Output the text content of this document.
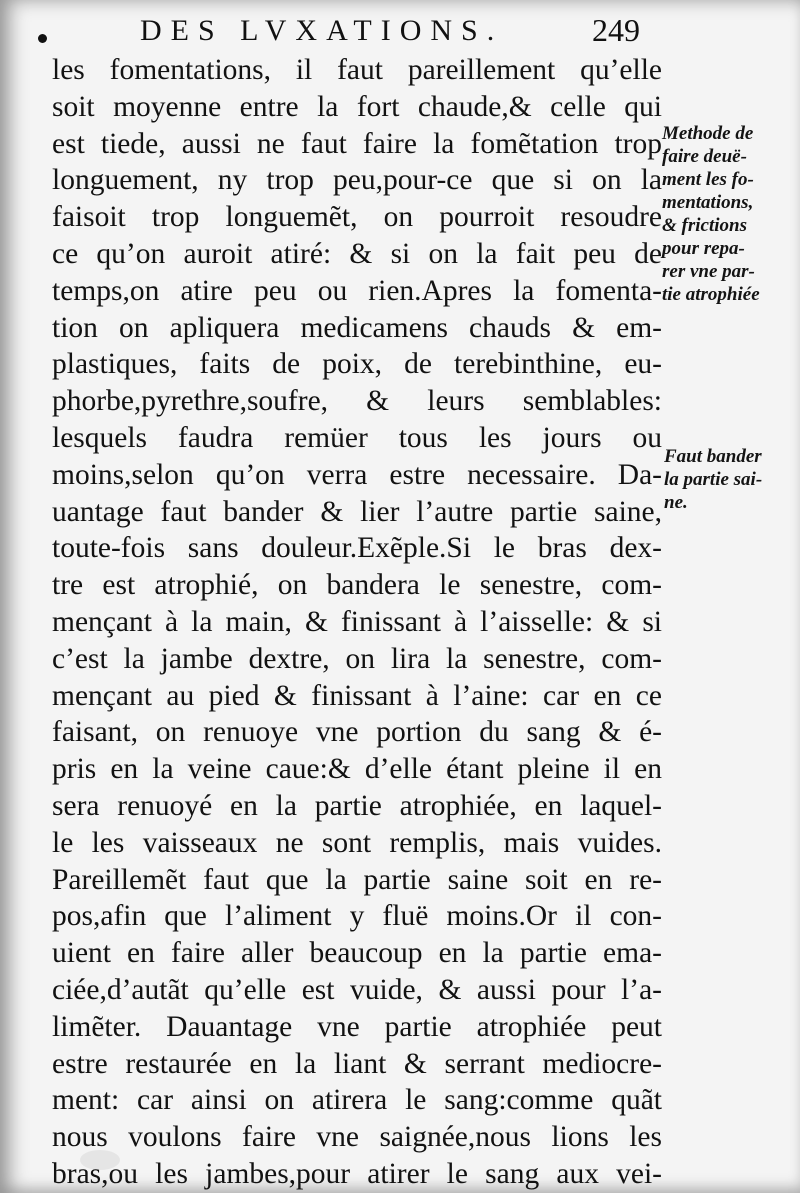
DES LVXATIONS.	249
les fomentations, il faut pareillement qu’elle
soit moyenne entre la fort chaude,& celle qui
est tiede, aussi ne faut faire la fomẽtation trop
longuement, ny trop peu,pour-ce que si on la
faisoit trop longuemẽt, on pourroit resoudre
ce qu’on auroit atiré: & si on la fait peu de
temps,on atire peu ou rien.Apres la fomenta-
tion on apliquera medicamens chauds & em-
plastiques, faits de poix, de terebinthine, eu-
phorbe,pyrethre,soufre, & leurs semblables:
lesquels faudra remüer tous les jours ou
moins,selon qu’on verra estre necessaire. Da-
uantage faut bander & lier l’autre partie saine,
toute-fois sans douleur.Exẽple.Si le bras dex-
tre est atrophié, on bandera le senestre, com-
mençant à la main, & finissant à l’aisselle: & si
c’est la jambe dextre, on lira la senestre, com-
mençant au pied & finissant à l’aine: car en ce
faisant, on renuoye vne portion du sang & é-
pris en la veine caue:& d’elle étant pleine il en
sera renuoyé en la partie atrophiée, en laquel-
le les vaisseaux ne sont remplis, mais vuides.
Pareillemẽt faut que la partie saine soit en re-
pos,afin que l’aliment y fluë moins.Or il con-
uient en faire aller beaucoup en la partie ema-
ciée,d’autãt qu’elle est vuide, & aussi pour l’a-
limẽter. Dauantage vne partie atrophiée peut
estre restaurée en la liant & serrant mediocre-
ment: car ainsi on atirera le sang:comme quãt
nous voulons faire vne saignée,nous lions les
bras,ou les jambes,pour atirer le sang aux vei-
Methode de
faire deuë-
ment les fo-
mentations,
& frictions
pour repa-
rer vne par-
tie atrophiée
Faut bander
la partie sai-
ne.
